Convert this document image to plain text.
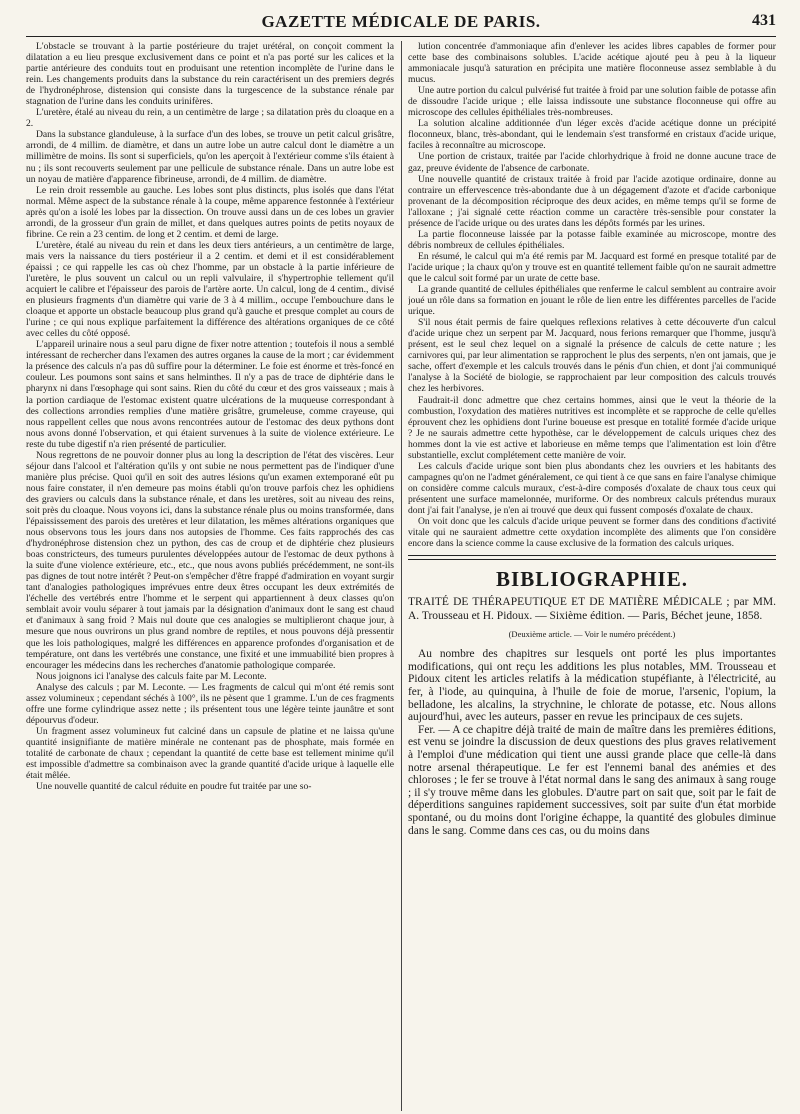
GAZETTE MÉDICALE DE PARIS.	431

L'obstacle se trouvant à la partie postérieure du trajet urétéral, on conçoit comment la dilatation a eu lieu presque exclusivement dans ce point et n'a pas porté sur les calices et la partie antérieure des conduits tout en produisant une retention incomplète de l'urine dans le rein. Les changements produits dans la substance du rein caractérisent un des premiers degrés de l'hydronéphrose, distension qui consiste dans la turgescence de la substance rénale par stagnation de l'urine dans les conduits urinifères.

L'uretère, étalé au niveau du rein, a un centimètre de large ; sa dilatation près du cloaque en a 2.

Dans la substance glanduleuse, à la surface d'un des lobes, se trouve un petit calcul grisâtre, arrondi, de 4 millim. de diamètre, et dans un autre lobe un autre calcul dont le diamètre a un millimètre de moins. Ils sont si superficiels, qu'on les aperçoit à l'extérieur comme s'ils étaient à nu ; ils sont recouverts seulement par une pellicule de substance rénale. Dans un autre lobe est un noyau de matière d'apparence fibrineuse, arrondi, de 4 millim. de diamètre.

Le rein droit ressemble au gauche. Les lobes sont plus distincts, plus isolés que dans l'état normal. Même aspect de la substance rénale à la coupe, même apparence festonnée à l'extérieur après qu'on a isolé les lobes par la dissection. On trouve aussi dans un de ces lobes un gravier arrondi, de la grosseur d'un grain de millet, et dans quelques autres points de petits noyaux de fibrine. Ce rein a 23 centim. de long et 2 centim. et demi de large.

L'uretère, étalé au niveau du rein et dans les deux tiers antérieurs, a un centimètre de large, mais vers la naissance du tiers postérieur il a 2 centim. et demi et il est considérablement épaissi ; ce qui rappelle les cas où chez l'homme, par un obstacle à la partie inférieure de l'uretère, le plus souvent un calcul ou un repli valvulaire, il s'hypertrophie tellement qu'il acquiert le calibre et l'épaisseur des parois de l'artère aorte. Un calcul, long de 4 centim., divisé en plusieurs fragments d'un diamètre qui varie de 3 à 4 millim., occupe l'embouchure dans le cloaque et apporte un obstacle beaucoup plus grand qu'à gauche et presque complet au cours de l'urine ; ce qui nous explique parfaitement la différence des altérations organiques de ce côté avec celles du côté opposé.

L'appareil urinaire nous a seul paru digne de fixer notre attention ; toutefois il nous a semblé intéressant de rechercher dans l'examen des autres organes la cause de la mort ; car évidemment la présence des calculs n'a pas dû suffire pour la déterminer. Le foie est énorme et très-foncé en couleur. Les poumons sont sains et sans helminthes. Il n'y a pas de trace de diphtérie dans le pharynx ni dans l'œsophage qui sont sains. Rien du côté du cœur et des gros vaisseaux ; mais à la portion cardiaque de l'estomac existent quatre ulcérations de la muqueuse correspondant à des collections arrondies remplies d'une matière grisâtre, grumeleuse, comme crayeuse, qui nous rappellent celles que nous avons rencontrées autour de l'estomac des deux pythons dont nous avons donné l'observation, et qui étaient survenues à la suite de violence extérieure. Le reste du tube digestif n'a rien présenté de particulier.

Nous regrettons de ne pouvoir donner plus au long la description de l'état des viscères. Leur séjour dans l'alcool et l'altération qu'ils y ont subie ne nous permettent pas de l'indiquer d'une manière plus précise. Quoi qu'il en soit des autres lésions qu'un examen extemporané eût pu nous faire constater, il n'en demeure pas moins établi qu'on trouve parfois chez les ophidiens des graviers ou calculs dans la substance rénale, et dans les uretères, soit au niveau des reins, soit près du cloaque. Nous voyons ici, dans la substance rénale plus ou moins transformée, dans l'épaississement des parois des uretères et leur dilatation, les mêmes altérations organiques que nous observons tous les jours dans nos autopsies de l'homme. Ces faits rapprochés des cas d'hydronéphrose distension chez un python, des cas de croup et de diphtérie chez plusieurs boas constricteurs, des tumeurs purulentes développées autour de l'estomac de deux pythons à la suite d'une violence extérieure, etc., etc., que nous avons publiés précédemment, ne sont-ils pas dignes de tout notre intérêt ? Peut-on s'empêcher d'être frappé d'admiration en voyant surgir tant d'analogies pathologiques imprévues entre deux êtres occupant les deux extrémités de l'échelle des vertébrés entre l'homme et le serpent qui appartiennent à deux classes qu'on semblait avoir voulu séparer à tout jamais par la désignation d'animaux dont le sang est chaud et d'animaux à sang froid ? Mais nul doute que ces analogies se multiplieront chaque jour, à mesure que nous ouvrirons un plus grand nombre de reptiles, et nous pouvons déjà pressentir que les lois pathologiques, malgré les différences en apparence profondes d'organisation et de température, ont dans les vertébrés une constance, une fixité et une immuabilité bien propres à encourager les médecins dans les recherches d'anatomie pathologique comparée.

Nous joignons ici l'analyse des calculs faite par M. Leconte.

Analyse des calculs ; par M. Leconte. — Les fragments de calcul qui m'ont été remis sont assez volumineux ; cependant séchés à 100°, ils ne pèsent que 1 gramme. L'un de ces fragments offre une forme cylindrique assez nette ; ils présentent tous une légère teinte jaunâtre et sont dépourvus d'odeur.

Un fragment assez volumineux fut calciné dans un capsule de platine et ne laissa qu'une quantité insignifiante de matière minérale ne contenant pas de phosphate, mais formée en totalité de carbonate de chaux ; cependant la quantité de cette base est tellement minime qu'il est impossible d'admettre sa combinaison avec la grande quantité d'acide urique à laquelle elle était mêlée.

Une nouvelle quantité de calcul réduite en poudre fut traitée par une so-

lution concentrée d'ammoniaque afin d'enlever les acides libres capables de former pour cette base des combinaisons solubles. L'acide acétique ajouté peu à peu à la liqueur ammoniacale jusqu'à saturation en précipita une matière floconneuse assez semblable à du mucus.

Une autre portion du calcul pulvérisé fut traitée à froid par une solution faible de potasse afin de dissoudre l'acide urique ; elle laissa indissoute une substance floconneuse qui offre au microscope des cellules épithéliales très-nombreuses.

La solution alcaline additionnée d'un léger excès d'acide acétique donne un précipité floconneux, blanc, très-abondant, qui le lendemain s'est transformé en cristaux d'acide urique, faciles à reconnaître au microscope.

Une portion de cristaux, traitée par l'acide chlorhydrique à froid ne donne aucune trace de gaz, preuve évidente de l'absence de carbonate.

Une nouvelle quantité de cristaux traitée à froid par l'acide azotique ordinaire, donne au contraire un effervescence très-abondante due à un dégagement d'azote et d'acide carbonique provenant de la décomposition réciproque des deux acides, en même temps qu'il se forme de l'alloxane ; j'ai signalé cette réaction comme un caractère très-sensible pour constater la présence de l'acide urique ou des urates dans les dépôts formés par les urines.

La partie floconneuse laissée par la potasse faible examinée au microscope, montre des débris nombreux de cellules épithéliales.

En résumé, le calcul qui m'a été remis par M. Jacquard est formé en presque totalité par de l'acide urique ; la chaux qu'on y trouve est en quantité tellement faible qu'on ne saurait admettre que le calcul soit formé par un urate de cette base.

La grande quantité de cellules épithéliales que renferme le calcul semblent au contraire avoir joué un rôle dans sa formation en jouant le rôle de lien entre les différentes parcelles de l'acide urique.

S'il nous était permis de faire quelques reflexions relatives à cette découverte d'un calcul d'acide urique chez un serpent par M. Jacquard, nous ferions remarquer que l'homme, jusqu'à présent, est le seul chez lequel on a signalé la présence de calculs de cette nature ; les carnivores qui, par leur alimentation se rapprochent le plus des serpents, n'en ont jamais, que je sache, offert d'exemple et les calculs trouvés dans le pénis d'un chien, et dont j'ai communiqué l'analyse à la Société de biologie, se rapprochaient par leur composition des calculs trouvés chez les herbivores.

Faudrait-il donc admettre que chez certains hommes, ainsi que le veut la théorie de la combustion, l'oxydation des matières nutritives est incomplète et se rapproche de celle qu'elles éprouvent chez les ophidiens dont l'urine boueuse est presque en totalité formée d'acide urique ? Je ne saurais admettre cette hypothèse, car le développement de calculs uriques chez des hommes dont la vie est active et laborieuse en même temps que l'alimentation est loin d'être substantielle, exclut complétement cette manière de voir.

Les calculs d'acide urique sont bien plus abondants chez les ouvriers et les habitants des campagnes qu'on ne l'admet généralement, ce qui tient à ce que sans en faire l'analyse chimique on considère comme calculs muraux, c'est-à-dire composés d'oxalate de chaux tous ceux qui présentent une surface mamelonnée, muriforme. Or des nombreux calculs prétendus muraux dont j'ai fait l'analyse, je n'en ai trouvé que deux qui fussent composés d'oxalate de chaux.

On voit donc que les calculs d'acide urique peuvent se former dans des conditions d'activité vitale qui ne sauraient admettre cette oxydation incomplète des aliments que l'on considère encore dans la science comme la cause exclusive de la formation des calculs uriques.

BIBLIOGRAPHIE.

TRAITÉ DE THÉRAPEUTIQUE ET DE MATIÈRE MÉDICALE ; par MM. A. Trousseau et H. Pidoux. — Sixième édition. — Paris, Béchet jeune, 1858.

(Deuxième article. — Voir le numéro précédent.)

Au nombre des chapitres sur lesquels ont porté les plus importantes modifications, qui ont reçu les additions les plus notables, MM. Trousseau et Pidoux citent les articles relatifs à la médication stupéfiante, à l'électricité, au fer, à l'iode, au quinquina, à l'huile de foie de morue, l'arsenic, l'opium, la belladone, les alcalins, la strychnine, le chlorate de potasse, etc. Nous allons aujourd'hui, avec les auteurs, passer en revue les principaux de ces sujets.

Fer. — A ce chapitre déjà traité de main de maître dans les premières éditions, est venu se joindre la discussion de deux questions des plus graves relativement à l'emploi d'une médication qui tient une aussi grande place que celle-là dans notre arsenal thérapeutique. Le fer est l'ennemi banal des anémies et des chloroses ; le fer se trouve à l'état normal dans le sang des animaux à sang rouge ; il s'y trouve même dans les globules. D'autre part on sait que, soit par le fait de déperditions sanguines rapidement successives, soit par suite d'un état morbide spontané, ou du moins dont l'origine échappe, la quantité des globules diminue dans le sang. Comme dans ces cas, ou du moins dans
